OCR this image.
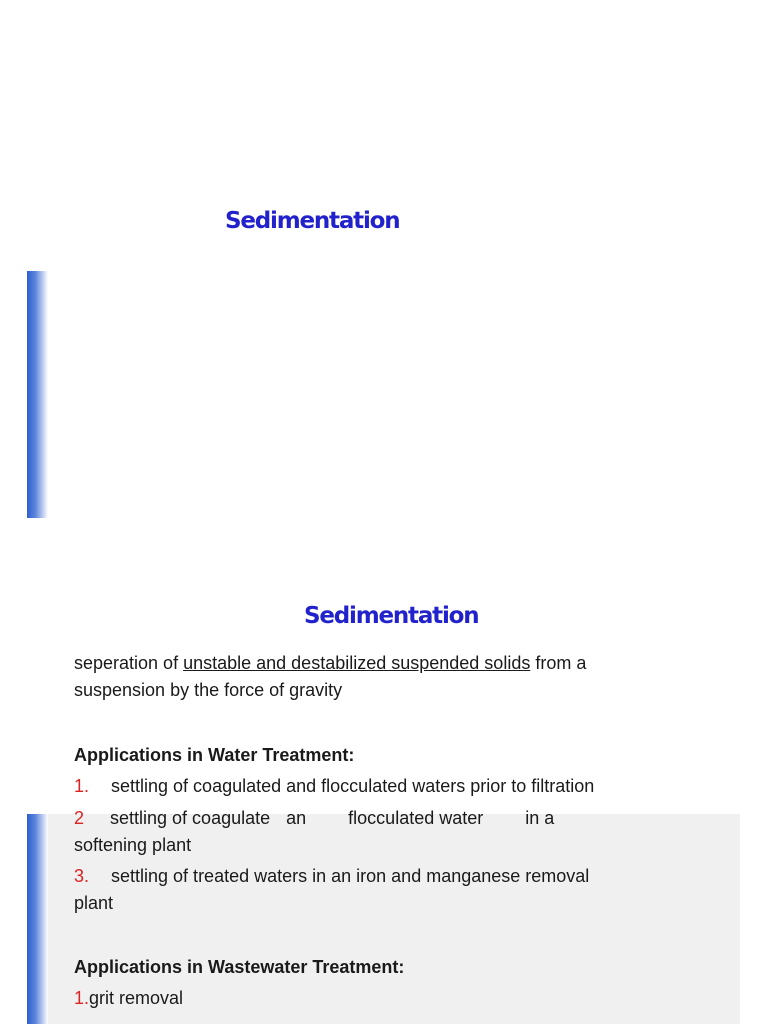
Sedimentation
Sedimentation
seperation of unstable and destabilized suspended solids from a
suspension by the force of gravity
Applications in Water Treatment:
1. settling of coagulated and flocculated waters prior to filtration
2 settling of coagulate an flocculated water in a
softening plant
3. settling of treated waters in an iron and manganese removal
plant
Applications in Wastewater Treatment:
1.grit removal
